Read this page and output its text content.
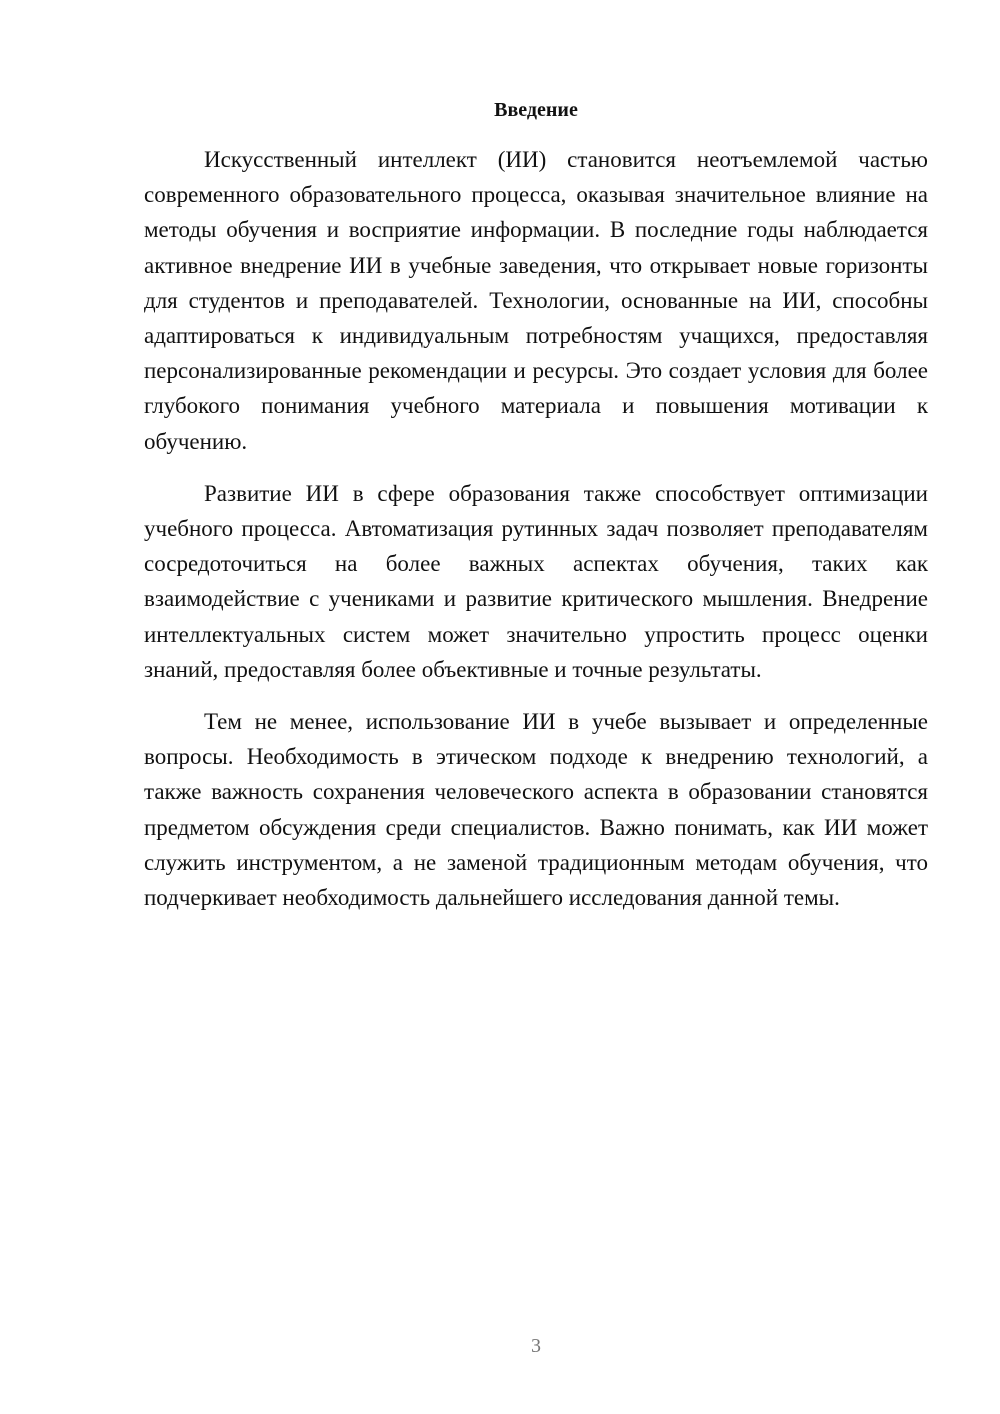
Введение

Искусственный интеллект (ИИ) становится неотъемлемой частью современного образовательного процесса, оказывая значительное влияние на методы обучения и восприятие информации. В последние годы наблюдается активное внедрение ИИ в учебные заведения, что открывает новые горизонты для студентов и преподавателей. Технологии, основанные на ИИ, способны адаптироваться к индивидуальным потребностям учащихся, предоставляя персонализированные рекомендации и ресурсы. Это создает условия для более глубокого понимания учебного материала и повышения мотивации к обучению.

Развитие ИИ в сфере образования также способствует оптимизации учебного процесса. Автоматизация рутинных задач позволяет преподавателям сосредоточиться на более важных аспектах обучения, таких как взаимодействие с учениками и развитие критического мышления. Внедрение интеллектуальных систем может значительно упростить процесс оценки знаний, предоставляя более объективные и точные результаты.

Тем не менее, использование ИИ в учебе вызывает и определенные вопросы. Необходимость в этическом подходе к внедрению технологий, а также важность сохранения человеческого аспекта в образовании становятся предметом обсуждения среди специалистов. Важно понимать, как ИИ может служить инструментом, а не заменой традиционным методам обучения, что подчеркивает необходимость дальнейшего исследования данной темы.

3
